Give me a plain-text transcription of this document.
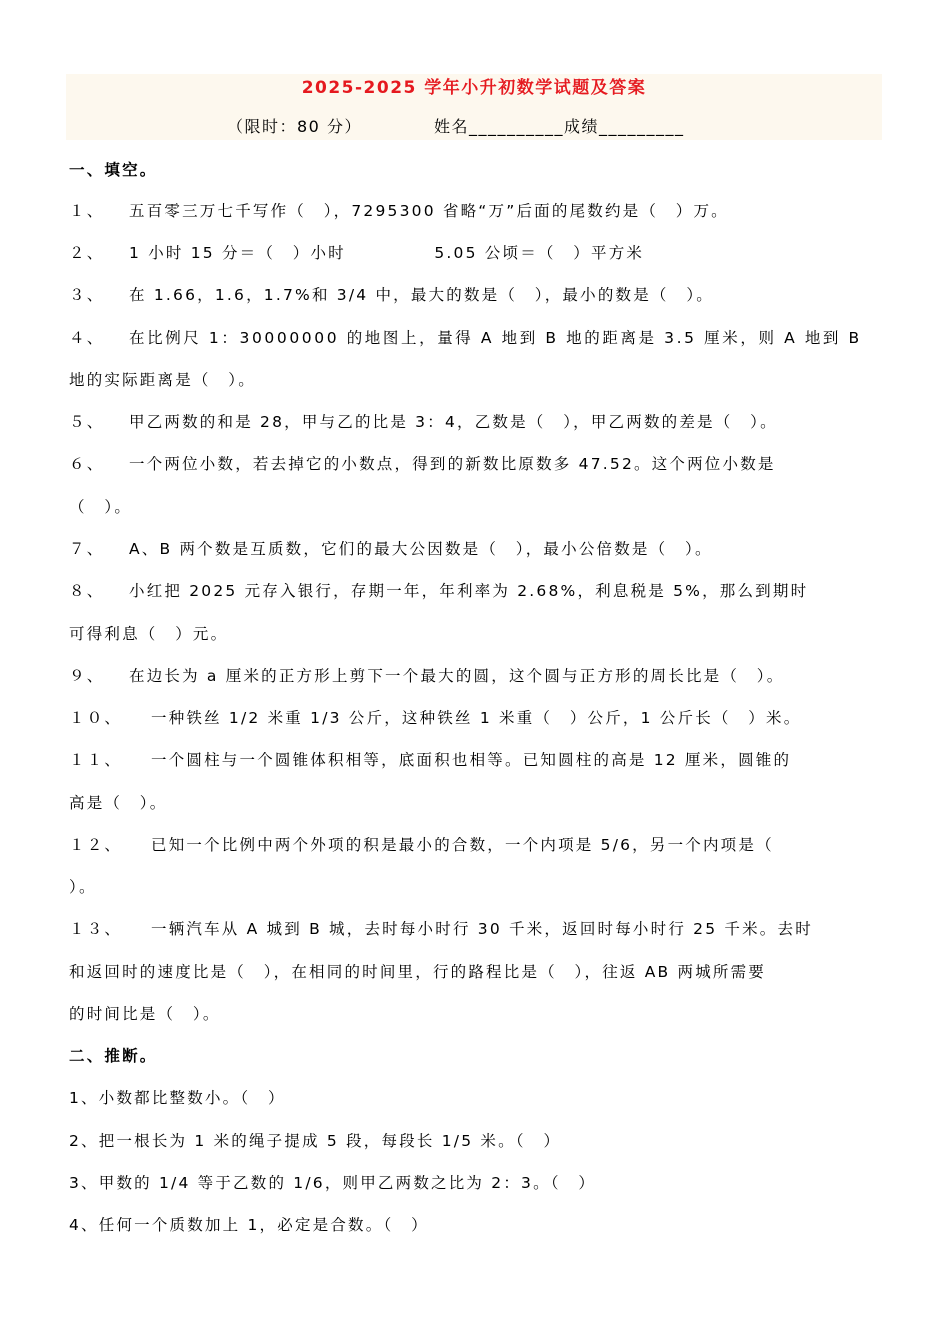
2025-2025 学年小升初数学试题及答案

（限时：80 分）

	姓名__________成绩_________

一、填空。
１、 五百零三万七千写作（　），7295300 省略“万”后面的尾数约是（　）万。
２、 1 小时 15 分＝（　）小时　　　　　5.05 公顷＝（　）平方米
３、 在 1.66，1.6，1.7%和 3/4 中，最大的数是（　），最小的数是（　）。
４、 在比例尺 1：30000000 的地图上，量得 A 地到 B 地的距离是 3.5 厘米，则 A 地到 B
地的实际距离是（　）。
５、 甲乙两数的和是 28，甲与乙的比是 3：4，乙数是（　），甲乙两数的差是（　）。
６、 一个两位小数，若去掉它的小数点，得到的新数比原数多 47.52。这个两位小数是
（　）。
７、 A、B 两个数是互质数，它们的最大公因数是（　），最小公倍数是（　）。
８、 小红把 2025 元存入银行，存期一年，年利率为 2.68%，利息税是 5%，那么到期时
可得利息（　）元。
９、 在边长为 a 厘米的正方形上剪下一个最大的圆，这个圆与正方形的周长比是（　）。
１０、 一种铁丝 1/2 米重 1/3 公斤，这种铁丝 1 米重（　）公斤，1 公斤长（　）米。
１１、 一个圆柱与一个圆锥体积相等，底面积也相等。已知圆柱的高是 12 厘米，圆锥的
高是（　）。
１２、 已知一个比例中两个外项的积是最小的合数，一个内项是 5/6，另一个内项是（
）。
１３、 一辆汽车从 A 城到 B 城，去时每小时行 30 千米，返回时每小时行 25 千米。去时
和返回时的速度比是（　），在相同的时间里，行的路程比是（　），往返 AB 两城所需要
的时间比是（　）。
二、推断。
1、小数都比整数小。（　）
2、把一根长为 1 米的绳子提成 5 段，每段长 1/5 米。（　）
3、甲数的 1/4 等于乙数的 1/6，则甲乙两数之比为 2：3。（　）
4、任何一个质数加上 1，必定是合数。（　）
